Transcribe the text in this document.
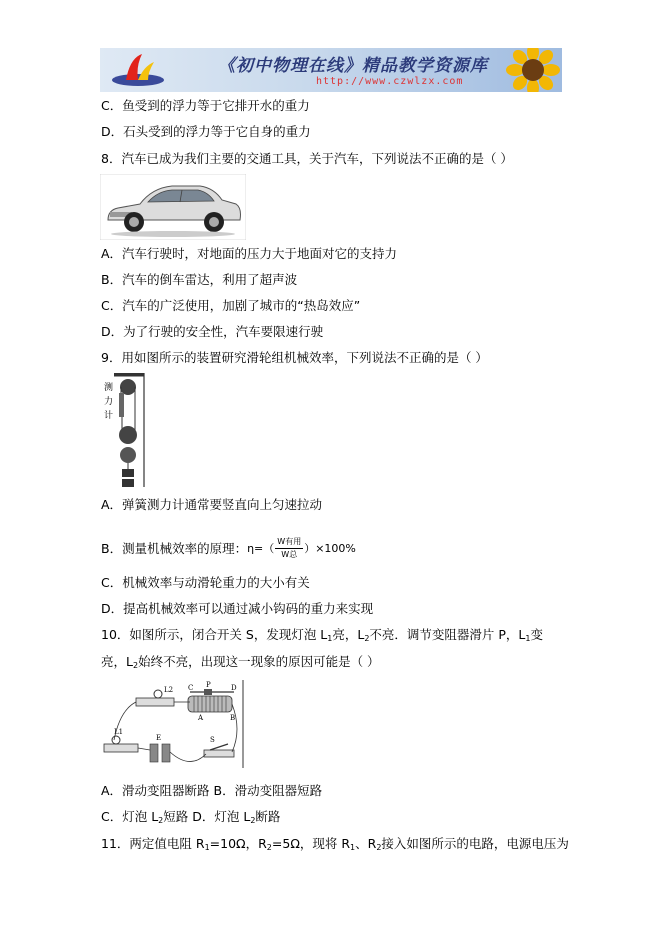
《初中物理在线》精品教学资源库
http://www.czwlzx.com
C．鱼受到的浮力等于它排开水的重力
D．石头受到的浮力等于它自身的重力
8．汽车已成为我们主要的交通工具，关于汽车，下列说法不正确的是（ ）
A．汽车行驶时，对地面的压力大于地面对它的支持力
B．汽车的倒车雷达，利用了超声波
C．汽车的广泛使用，加剧了城市的“热岛效应”
D．为了行驶的安全性，汽车要限速行驶
9．用如图所示的装置研究滑轮组机械效率，下列说法不正确的是（ ）
测
力
计
A．弹簧测力计通常要竖直向上匀速拉动
B．测量机械效率的原理： η=（ W有用
W总 ）×100%
C．机械效率与动滑轮重力的大小有关
D．提高机械效率可以通过减小钩码的重力来实现
10．如图所示，闭合开关 S，发现灯泡 $L_1$亮，$L_2$不亮．调节变阻器滑片 P，$L_1$变
亮，$L_2$始终不亮，出现这一现象的原因可能是（ ）
L2 C P	D
A	B
L1
E	S
A．滑动变阻器断路 B．滑动变阻器短路
C．灯泡 $L_2$短路 D．灯泡 $L_2$断路
11．两定值电阻 $R_1=10\Omega$，$R_2=5\Omega$，现将 $R_1$、$R_2$接入如图所示的电路，电源电压为
